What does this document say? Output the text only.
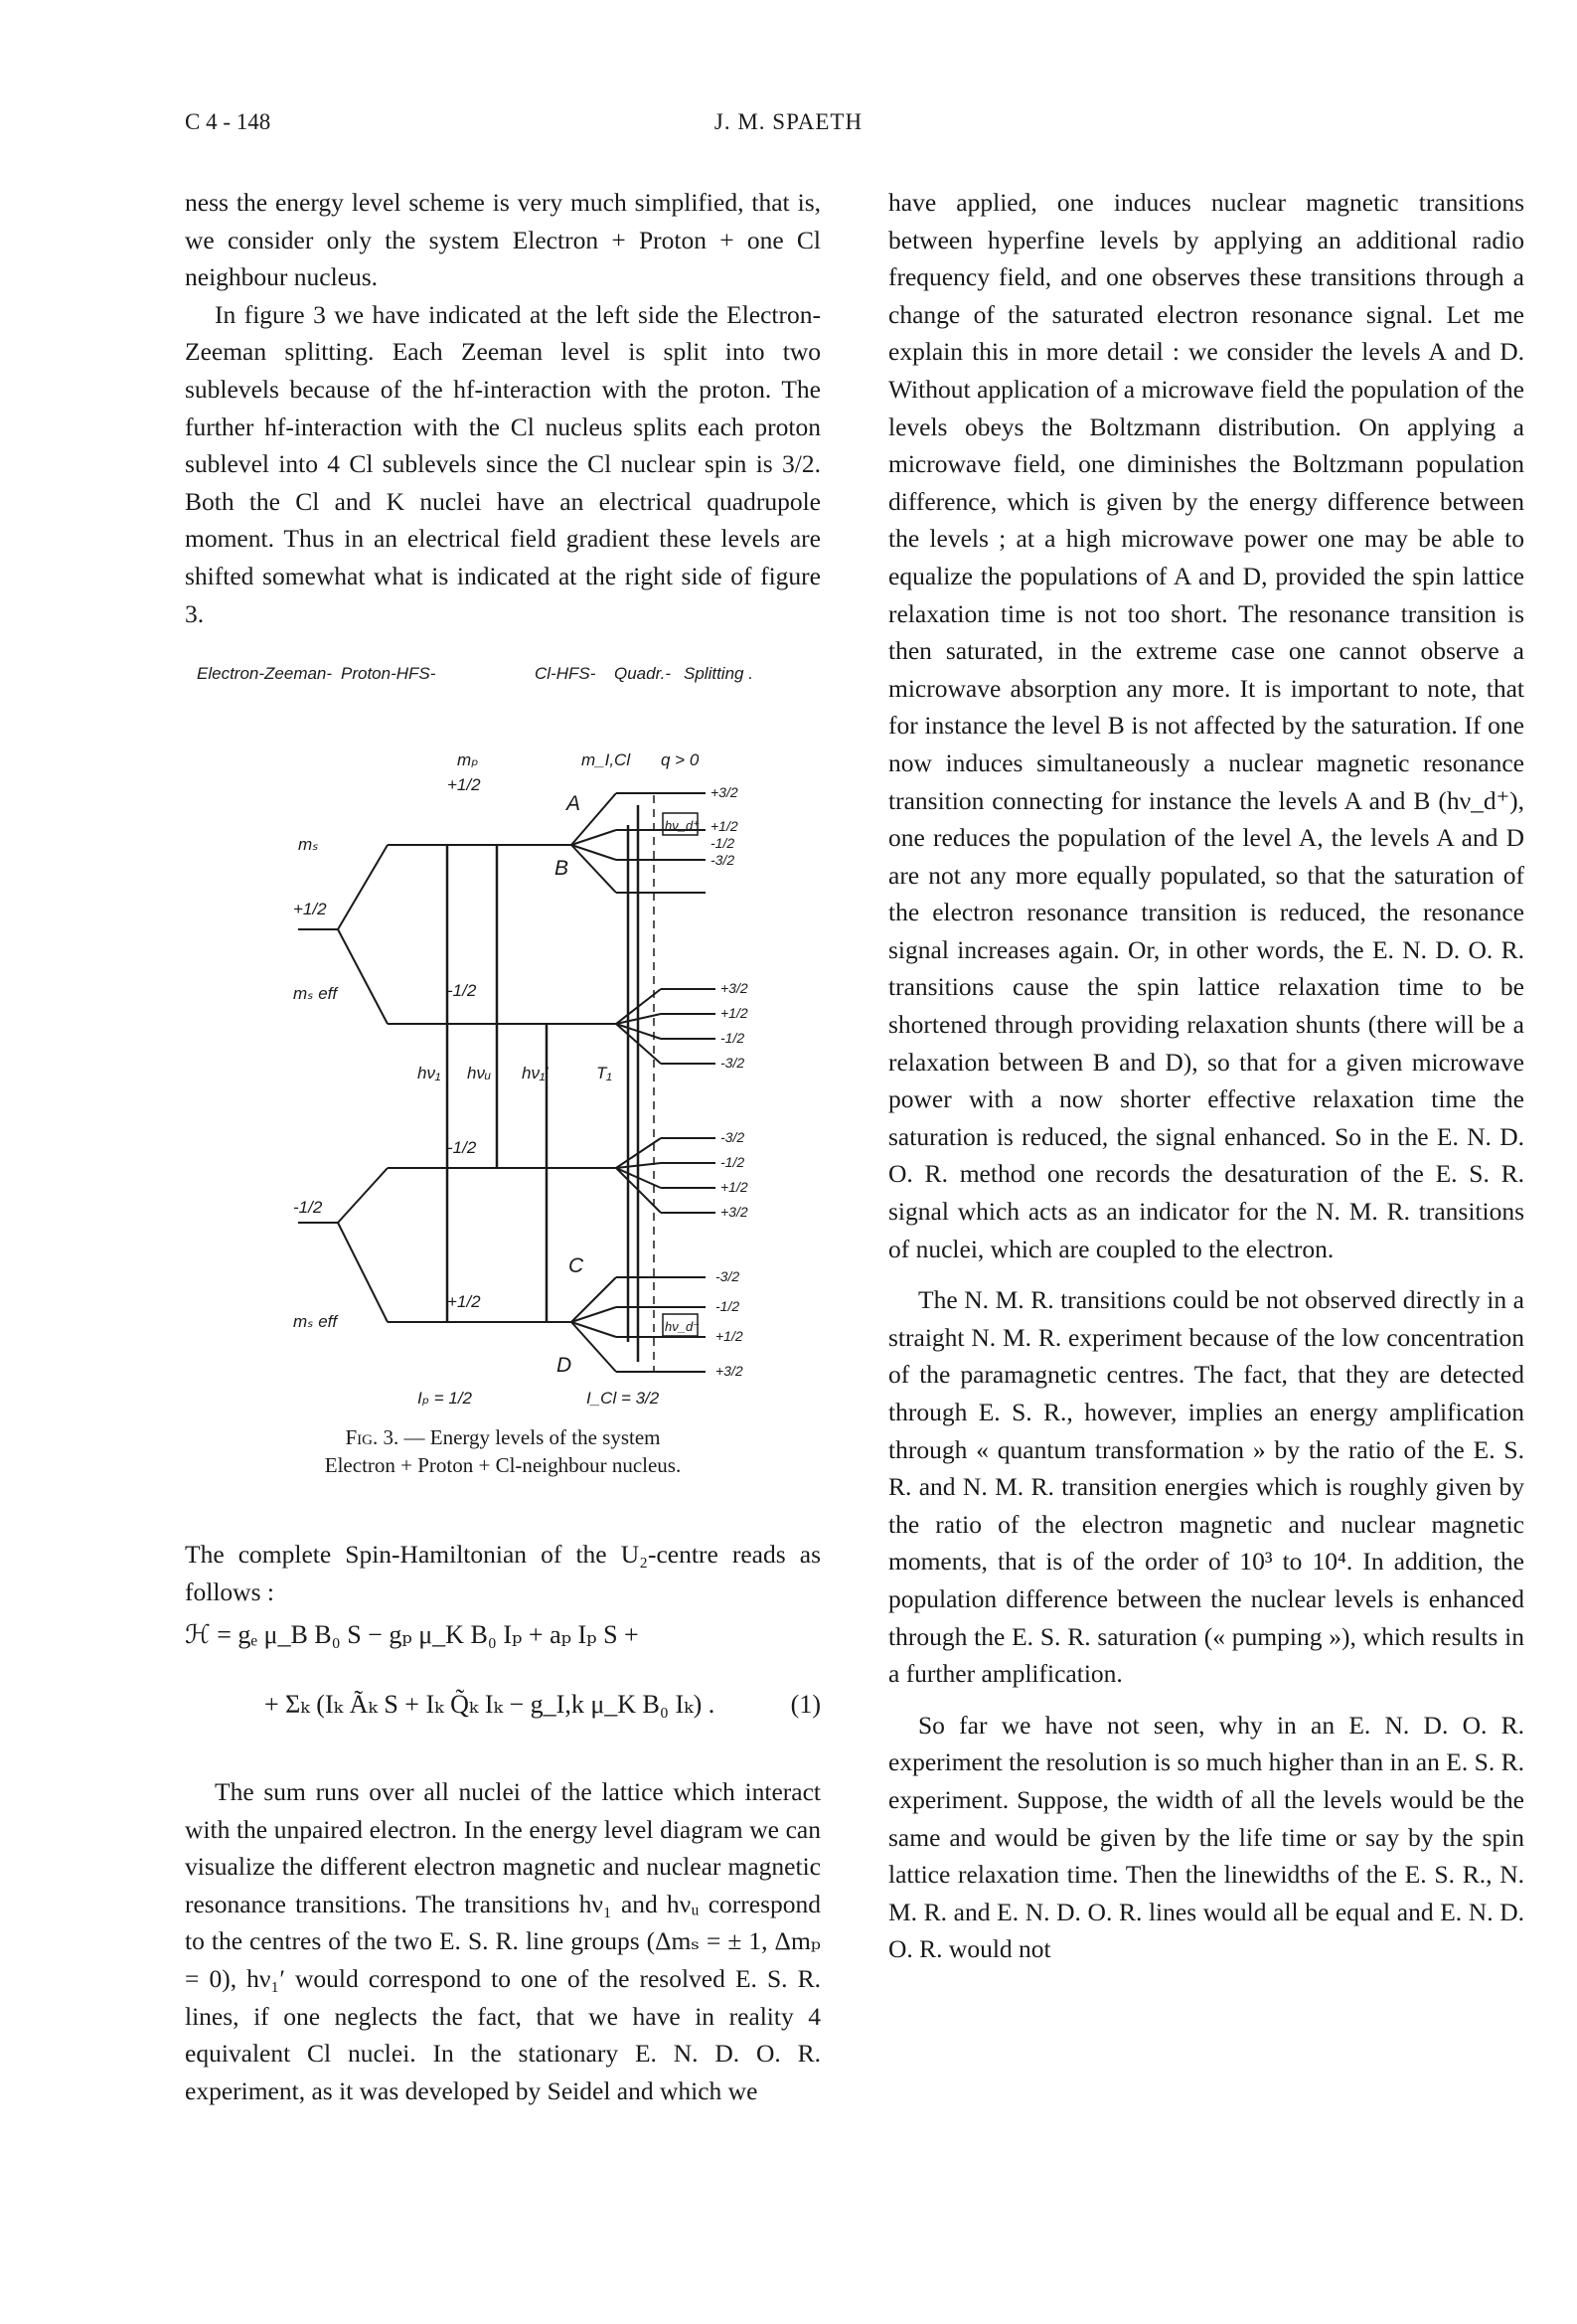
C 4 - 148	J. M. SPAETH

ness the energy level scheme is very much simplified, that is, we consider only the system Electron + Proton + one Cl neighbour nucleus.

In figure 3 we have indicated at the left side the Electron-Zeeman splitting. Each Zeeman level is split into two sublevels because of the hf-interaction with the proton. The further hf-interaction with the Cl nucleus splits each proton sublevel into 4 Cl sublevels since the Cl nuclear spin is 3/2. Both the Cl and K nuclei have an electrical quadrupole moment. Thus in an electrical field gradient these levels are shifted somewhat what is indicated at the right side of figure 3.

Electron-Zeeman- Proton-HFS-	Cl-HFS- Quadr.- Splitting .
mₚ
+1/2
m_I,Cl q > 0
mₛ
+1/2
mₛ eff
-1/2
mₛ eff
-1/2
-1/2
+1/2
hν₁ hνᵤ hν₁′	T₁
A
B
C
D
hν_d⁺
hν_d⁻
Iₚ = 1/2	I_Cl = 3/2
+3/2
+1/2
-1/2
-3/2
+3/2
+1/2
-1/2
-3/2
-3/2
-1/2
+1/2
+3/2
-3/2
-1/2
+1/2
+3/2
Fig. 3. — Energy levels of the system
Electron + Proton + Cl-neighbour nucleus.

The complete Spin-Hamiltonian of the U₂-centre reads as follows :

ℋ = gₑ μ_B B₀ S − gₚ μ_K B₀ Iₚ + aₚ Iₚ S +
+ Σₖ (Iₖ Ãₖ S + Iₖ Q̃ₖ Iₖ − g_I,k μ_K B₀ Iₖ) .	(1)

The sum runs over all nuclei of the lattice which interact with the unpaired electron. In the energy level diagram we can visualize the different electron magnetic and nuclear magnetic resonance transitions. The transitions hν₁ and hνᵤ correspond to the centres of the two E. S. R. line groups (Δmₛ = ± 1, Δmₚ = 0), hν₁′ would correspond to one of the resolved E. S. R. lines, if one neglects the fact, that we have in reality 4 equivalent Cl nuclei. In the stationary E. N. D. O. R. experiment, as it was developed by Seidel and which we

have applied, one induces nuclear magnetic transitions between hyperfine levels by applying an additional radio frequency field, and one observes these transitions through a change of the saturated electron resonance signal. Let me explain this in more detail : we consider the levels A and D. Without application of a microwave field the population of the levels obeys the Boltzmann distribution. On applying a microwave field, one diminishes the Boltzmann population difference, which is given by the energy difference between the levels ; at a high microwave power one may be able to equalize the populations of A and D, provided the spin lattice relaxation time is not too short. The resonance transition is then saturated, in the extreme case one cannot observe a microwave absorption any more. It is important to note, that for instance the level B is not affected by the saturation. If one now induces simultaneously a nuclear magnetic resonance transition connecting for instance the levels A and B (hν_d⁺), one reduces the population of the level A, the levels A and D are not any more equally populated, so that the saturation of the electron resonance transition is reduced, the resonance signal increases again. Or, in other words, the E. N. D. O. R. transitions cause the spin lattice relaxation time to be shortened through providing relaxation shunts (there will be a relaxation between B and D), so that for a given microwave power with a now shorter effective relaxation time the saturation is reduced, the signal enhanced. So in the E. N. D. O. R. method one records the desaturation of the E. S. R. signal which acts as an indicator for the N. M. R. transitions of nuclei, which are coupled to the electron.

The N. M. R. transitions could be not observed directly in a straight N. M. R. experiment because of the low concentration of the paramagnetic centres. The fact, that they are detected through E. S. R., however, implies an energy amplification through « quantum transformation » by the ratio of the E. S. R. and N. M. R. transition energies which is roughly given by the ratio of the electron magnetic and nuclear magnetic moments, that is of the order of 10³ to 10⁴. In addition, the population difference between the nuclear levels is enhanced through the E. S. R. saturation (« pumping »), which results in a further amplification.

So far we have not seen, why in an E. N. D. O. R. experiment the resolution is so much higher than in an E. S. R. experiment. Suppose, the width of all the levels would be the same and would be given by the life time or say by the spin lattice relaxation time. Then the linewidths of the E. S. R., N. M. R. and E. N. D. O. R. lines would all be equal and E. N. D. O. R. would not
